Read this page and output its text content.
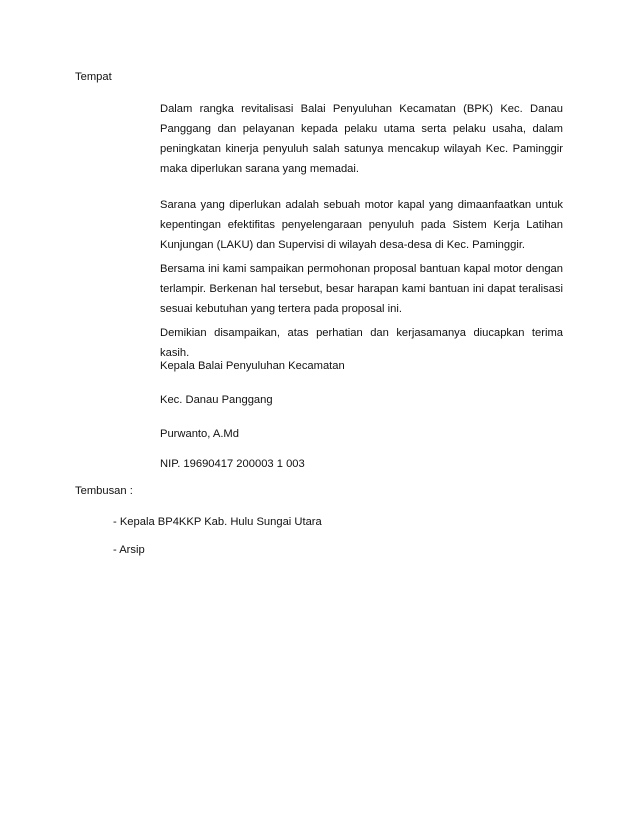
Tempat

Dalam rangka revitalisasi Balai Penyuluhan Kecamatan (BPK) Kec. Danau Panggang dan pelayanan kepada pelaku utama serta pelaku usaha, dalam peningkatan kinerja penyuluh salah satunya mencakup wilayah Kec. Paminggir maka diperlukan sarana yang memadai.

Sarana yang diperlukan adalah sebuah motor kapal yang dimaanfaatkan untuk kepentingan efektifitas penyelengaraan penyuluh pada Sistem Kerja Latihan Kunjungan (LAKU) dan Supervisi di wilayah desa-desa di Kec. Paminggir.

Bersama ini kami sampaikan permohonan proposal bantuan kapal motor dengan terlampir. Berkenan hal tersebut, besar harapan kami bantuan ini dapat teralisasi sesuai kebutuhan yang tertera pada proposal ini.

Demikian disampaikan, atas perhatian dan kerjasamanya diucapkan terima kasih.

Kepala Balai Penyuluhan Kecamatan

Kec. Danau Panggang

Purwanto, A.Md

NIP. 19690417 200003 1 003

Tembusan :

- Kepala BP4KKP Kab. Hulu Sungai Utara

- Arsip
